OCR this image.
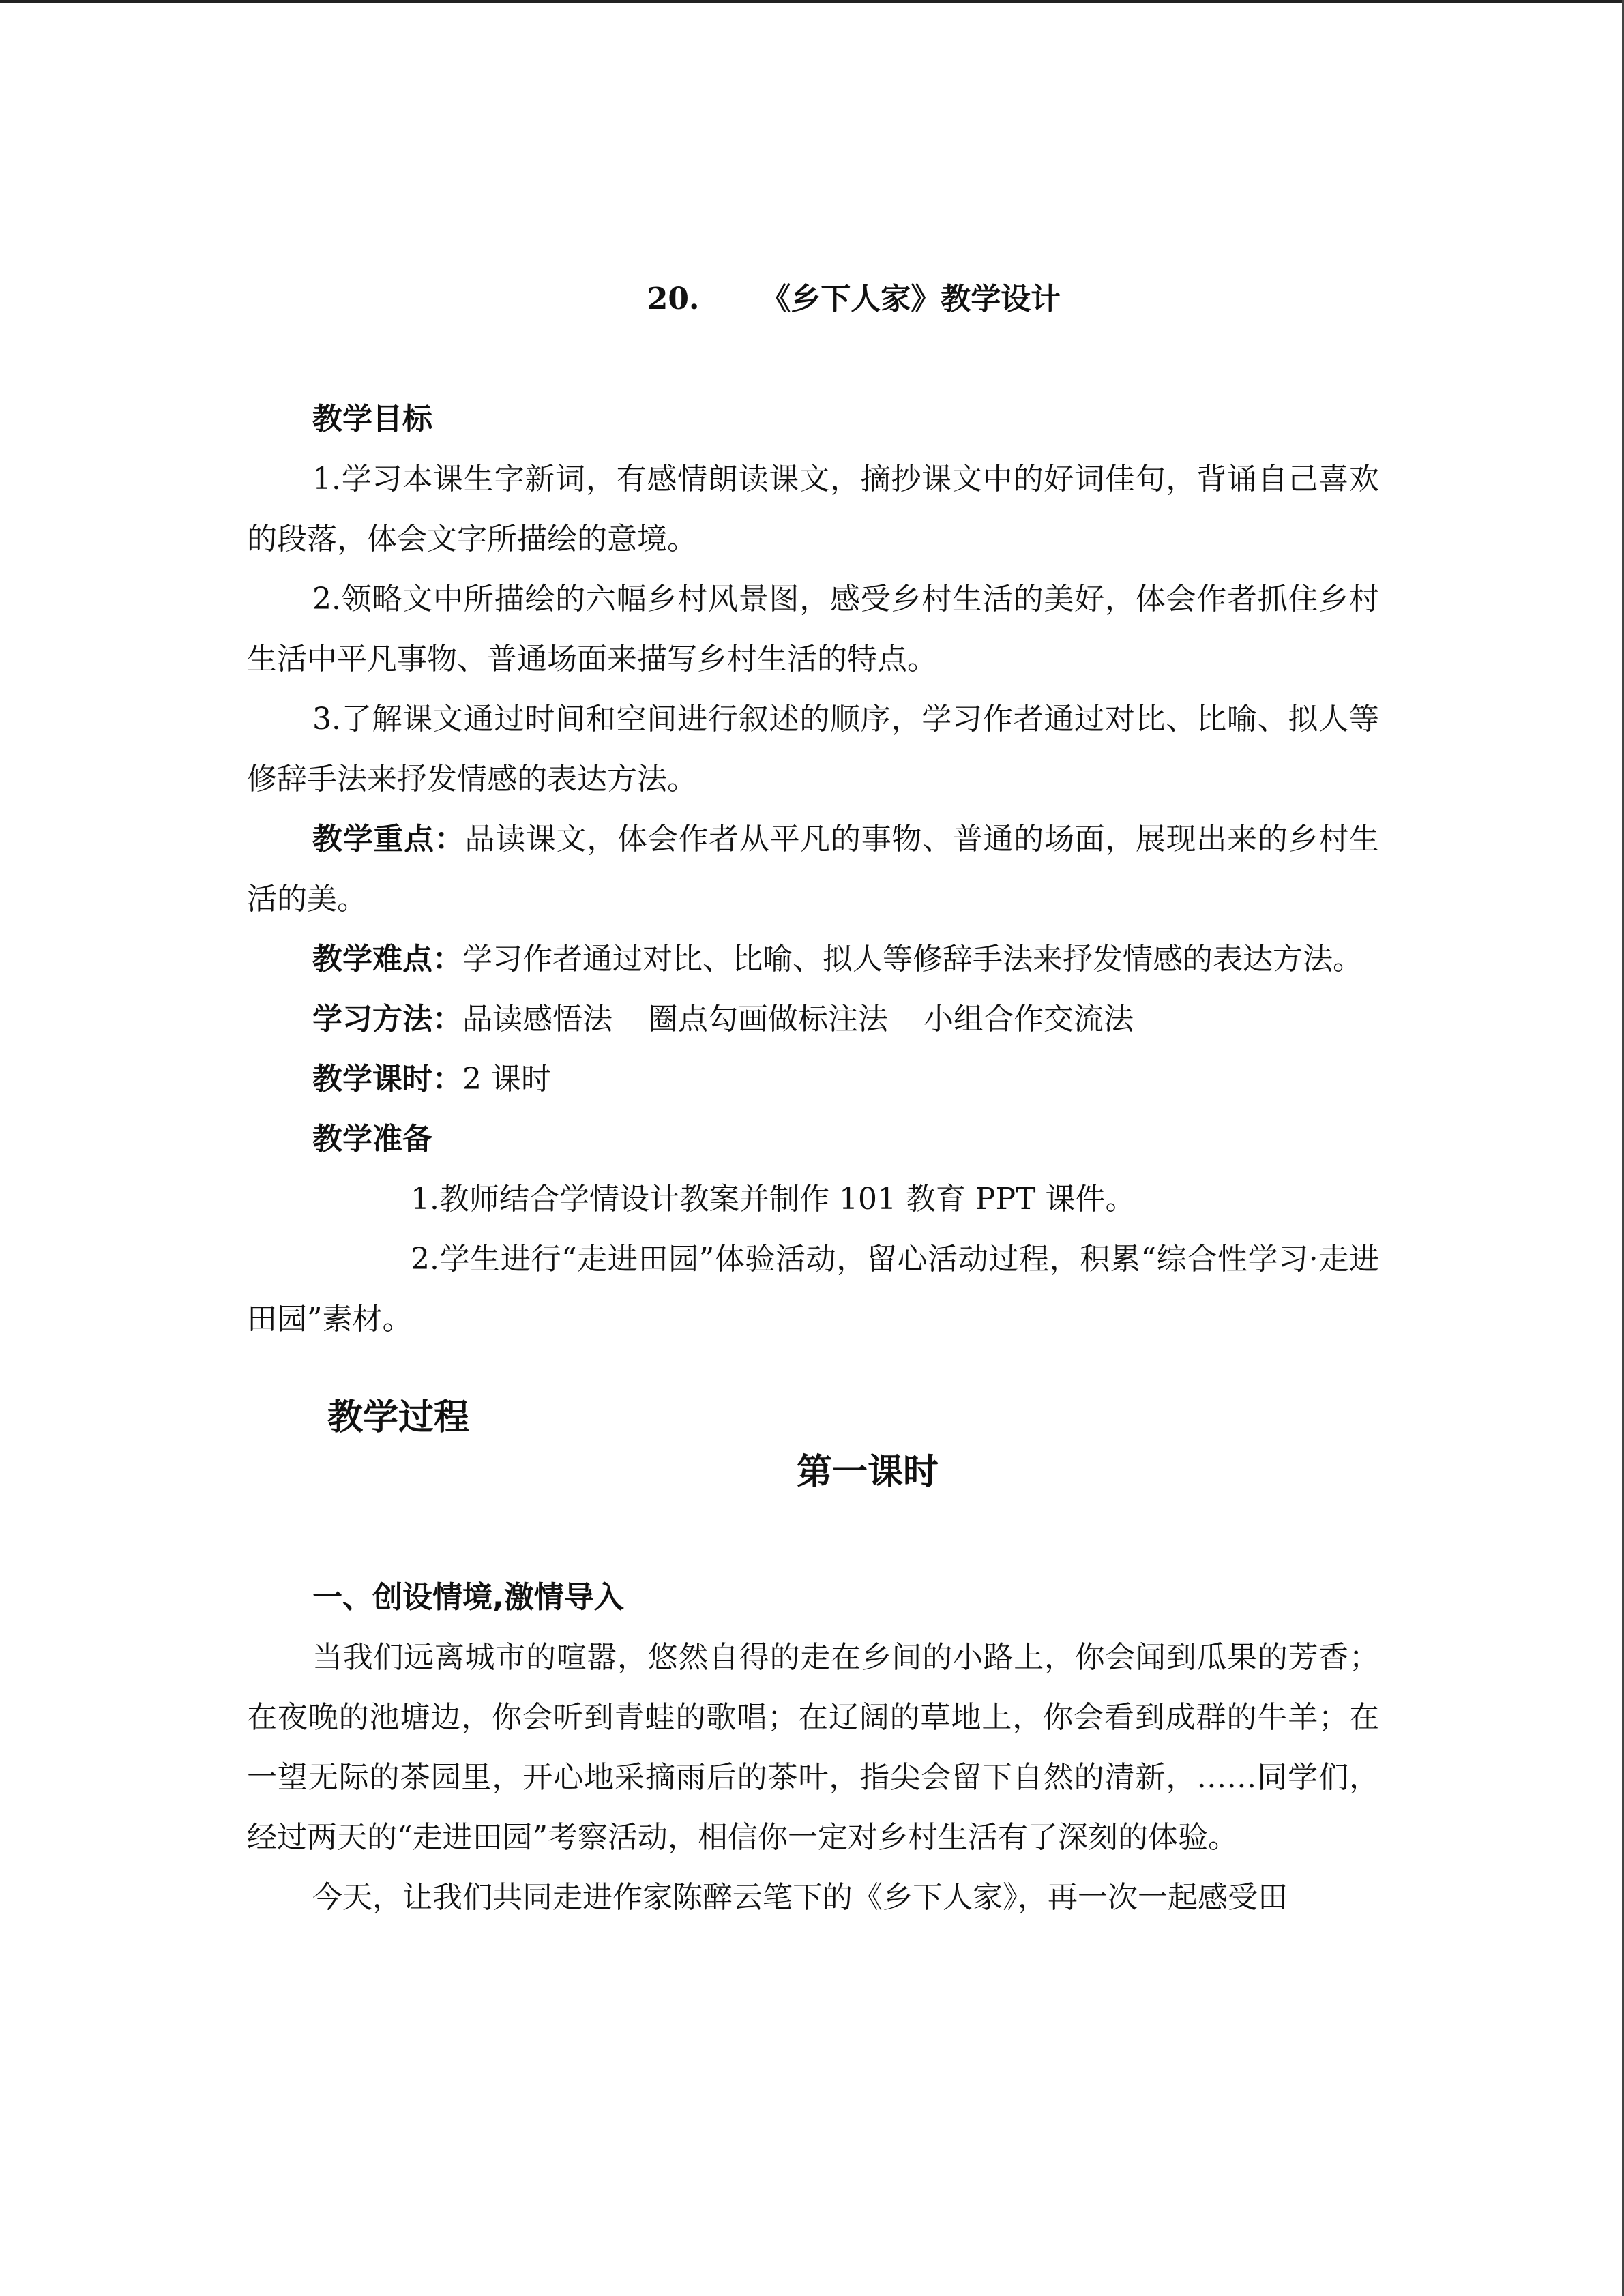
20. 《乡下人家》教学设计

教学目标

1.学习本课生字新词，有感情朗读课文，摘抄课文中的好词佳句，背诵自己喜欢的段落，体会文字所描绘的意境。

2.领略文中所描绘的六幅乡村风景图，感受乡村生活的美好，体会作者抓住乡村生活中平凡事物、普通场面来描写乡村生活的特点。

3.了解课文通过时间和空间进行叙述的顺序，学习作者通过对比、比喻、拟人等修辞手法来抒发情感的表达方法。

教学重点：品读课文，体会作者从平凡的事物、普通的场面，展现出来的乡村生活的美。

教学难点：学习作者通过对比、比喻、拟人等修辞手法来抒发情感的表达方法。

学习方法：品读感悟法 圈点勾画做标注法 小组合作交流法

教学课时：2 课时

教学准备

1.教师结合学情设计教案并制作 101 教育 PPT 课件。

2.学生进行“走进田园”体验活动，留心活动过程，积累“综合性学习·走进田园”素材。

教学过程
第一课时

一、创设情境,激情导入

当我们远离城市的喧嚣，悠然自得的走在乡间的小路上，你会闻到瓜果的芳香；在夜晚的池塘边，你会听到青蛙的歌唱；在辽阔的草地上，你会看到成群的牛羊；在一望无际的茶园里，开心地采摘雨后的茶叶，指尖会留下自然的清新，……同学们，经过两天的“走进田园”考察活动，相信你一定对乡村生活有了深刻的体验。

今天，让我们共同走进作家陈醉云笔下的《乡下人家》，再一次一起感受田
